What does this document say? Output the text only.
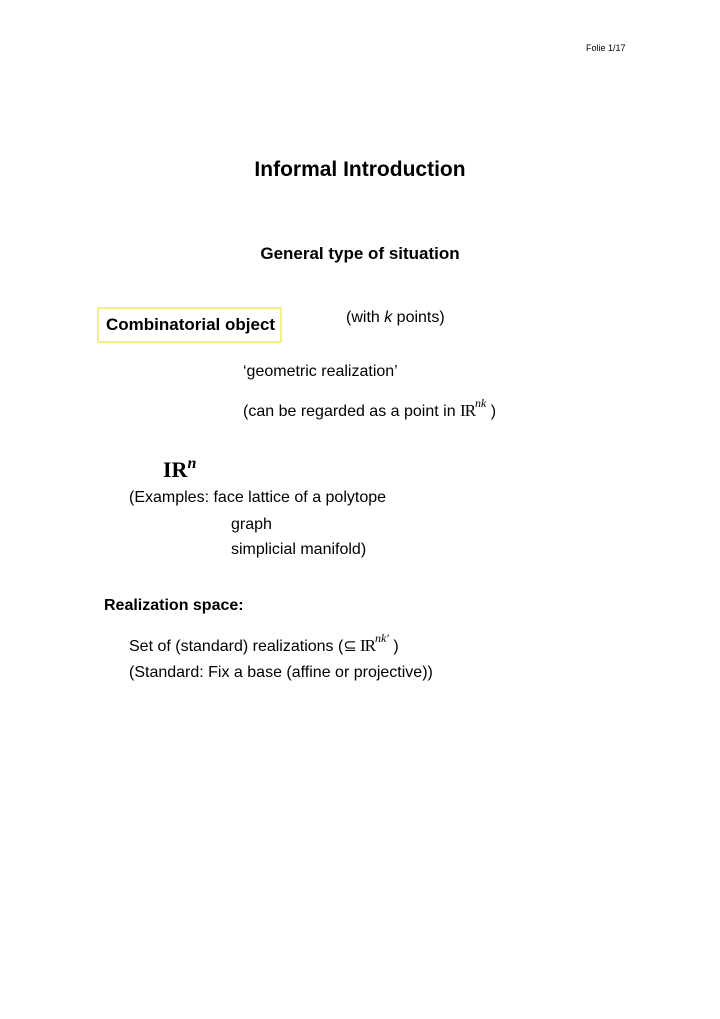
Folie 1/17
Informal Introduction
General type of situation
Combinatorial object	(with k points)
‘geometric realization’
(can be regarded as a point in $IR^{nk}$ )
$IR^n$
(Examples: face lattice of a polytope
graph
simplicial manifold)
Realization space:
Set of (standard) realizations (⊆ $IR^{nk'}$ )
(Standard: Fix a base (affine or projective))
